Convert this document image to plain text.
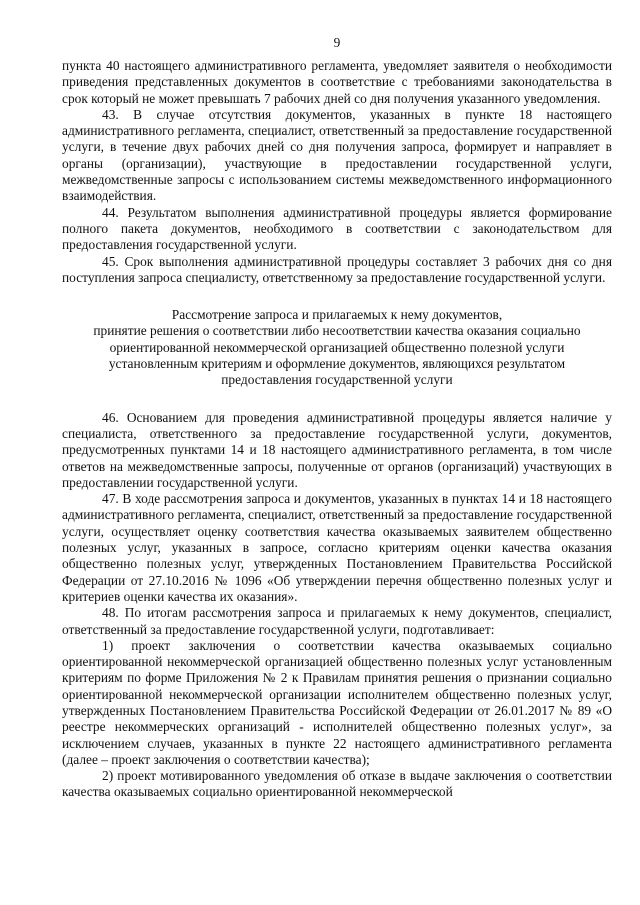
9

пункта 40 настоящего административного регламента, уведомляет заявителя о необходимости приведения представленных документов в соответствие с требованиями законодательства в срок который не может превышать 7 рабочих дней со дня получения указанного уведомления.

43. В случае отсутствия документов, указанных в пункте 18 настоящего административного регламента, специалист, ответственный за предоставление государственной услуги, в течение двух рабочих дней со дня получения запроса, формирует и направляет в органы (организации), участвующие в предоставлении государственной услуги, межведомственные запросы с использованием системы межведомственного информационного взаимодействия.

44. Результатом выполнения административной процедуры является формирование полного пакета документов, необходимого в соответствии с законодательством для предоставления государственной услуги.

45. Срок выполнения административной процедуры составляет 3 рабочих дня со дня поступления запроса специалисту, ответственному за предоставление государственной услуги.

Рассмотрение запроса и прилагаемых к нему документов,
принятие решения о соответствии либо несоответствии качества оказания социально
ориентированной некоммерческой организацией общественно полезной услуги
установленным критериям и оформление документов, являющихся результатом
предоставления государственной услуги

46. Основанием для проведения административной процедуры является наличие у специалиста, ответственного за предоставление государственной услуги, документов, предусмотренных пунктами 14 и 18 настоящего административного регламента, в том числе ответов на межведомственные запросы, полученные от органов (организаций) участвующих в предоставлении государственной услуги.

47. В ходе рассмотрения запроса и документов, указанных в пунктах 14 и 18 настоящего административного регламента, специалист, ответственный за предоставление государственной услуги, осуществляет оценку соответствия качества оказываемых заявителем общественно полезных услуг, указанных в запросе, согласно критериям оценки качества оказания общественно полезных услуг, утвержденных Постановлением Правительства Российской Федерации от 27.10.2016 № 1096 «Об утверждении перечня общественно полезных услуг и критериев оценки качества их оказания».

48. По итогам рассмотрения запроса и прилагаемых к нему документов, специалист, ответственный за предоставление государственной услуги, подготавливает:

1) проект заключения о соответствии качества оказываемых социально ориентированной некоммерческой организацией общественно полезных услуг установленным критериям по форме Приложения № 2 к Правилам принятия решения о признании социально ориентированной некоммерческой организации исполнителем общественно полезных услуг, утвержденных Постановлением Правительства Российской Федерации от 26.01.2017 № 89 «О реестре некоммерческих организаций - исполнителей общественно полезных услуг», за исключением случаев, указанных в пункте 22 настоящего административного регламента (далее – проект заключения о соответствии качества);

2) проект мотивированного уведомления об отказе в выдаче заключения о соответствии качества оказываемых социально ориентированной некоммерческой
